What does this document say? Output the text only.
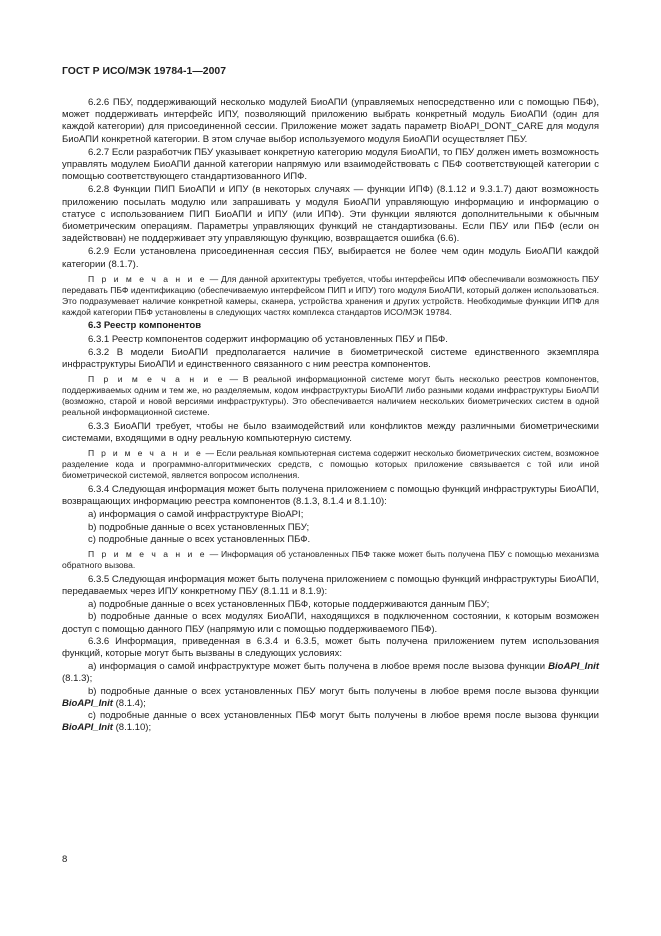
ГОСТ Р ИСО/МЭК 19784-1—2007

6.2.6 ПБУ, поддерживающий несколько модулей БиоАПИ (управляемых непосредственно или с помощью ПБФ), может поддерживать интерфейс ИПУ, позволяющий приложению выбрать конкретный модуль БиоАПИ (один для каждой категории) для присоединенной сессии. Приложение может задать параметр BioAPI_DONT_CARE для модуля БиоАПИ конкретной категории. В этом случае выбор используемого модуля БиоАПИ осуществляет ПБУ.

6.2.7 Если разработчик ПБУ указывает конкретную категорию модуля БиоАПИ, то ПБУ должен иметь возможность управлять модулем БиоАПИ данной категории напрямую или взаимодействовать с ПБФ соответствующей категории с помощью соответствующего стандартизованного ИПФ.

6.2.8 Функции ПИП БиоАПИ и ИПУ (в некоторых случаях — функции ИПФ) (8.1.12 и 9.3.1.7) дают возможность приложению посылать модулю или запрашивать у модуля БиоАПИ управляющую информацию и информацию о статусе с использованием ПИП БиоАПИ и ИПУ (или ИПФ). Эти функции являются дополнительными к обычным биометрическим операциям. Параметры управляющих функций не стандартизованы. Если ПБУ или ПБФ (если он задействован) не поддерживает эту управляющую функцию, возвращается ошибка (6.6).

6.2.9 Если установлена присоединенная сессия ПБУ, выбирается не более чем один модуль БиоАПИ каждой категории (8.1.7).

П р и м е ч а н и е — Для данной архитектуры требуется, чтобы интерфейсы ИПФ обеспечивали возможность ПБУ передавать ПБФ идентификацию (обеспечиваемую интерфейсом ПИП и ИПУ) того модуля БиоАПИ, который должен использоваться. Это подразумевает наличие конкретной камеры, сканера, устройства хранения и других устройств. Необходимые функции ИПФ для каждой категории ПБФ установлены в следующих частях комплекса стандартов ИСО/МЭК 19784.

6.3 Реестр компонентов

6.3.1 Реестр компонентов содержит информацию об установленных ПБУ и ПБФ.

6.3.2 В модели БиоАПИ предполагается наличие в биометрической системе единственного экземпляра инфраструктуры БиоАПИ и единственного связанного с ним реестра компонентов.

П р и м е ч а н и е — В реальной информационной системе могут быть несколько реестров компонентов, поддерживаемых одним и тем же, но разделяемым, кодом инфраструктуры БиоАПИ либо разными кодами инфраструктуры БиоАПИ (возможно, старой и новой версиями инфраструктуры). Это обеспечивается наличием нескольких биометрических систем в одной реальной информационной системе.

6.3.3 БиоАПИ требует, чтобы не было взаимодействий или конфликтов между различными биометрическими системами, входящими в одну реальную компьютерную систему.

П р и м е ч а н и е — Если реальная компьютерная система содержит несколько биометрических систем, возможное разделение кода и программно-алгоритмических средств, с помощью которых приложение связывается с той или иной биометрической системой, является вопросом исполнения.

6.3.4 Следующая информация может быть получена приложением с помощью функций инфраструктуры БиоАПИ, возвращающих информацию реестра компонентов (8.1.3, 8.1.4 и 8.1.10):

a) информация о самой инфраструктуре BioAPI;

b) подробные данные о всех установленных ПБУ;

c) подробные данные о всех установленных ПБФ.

П р и м е ч а н и е — Информация об установленных ПБФ также может быть получена ПБУ с помощью механизма обратного вызова.

6.3.5 Следующая информация может быть получена приложением с помощью функций инфраструктуры БиоАПИ, передаваемых через ИПУ конкретному ПБУ (8.1.11 и 8.1.9):

a) подробные данные о всех установленных ПБФ, которые поддерживаются данным ПБУ;

b) подробные данные о всех модулях БиоАПИ, находящихся в подключенном состоянии, к которым возможен доступ с помощью данного ПБУ (напрямую или с помощью поддерживаемого ПБФ).

6.3.6 Информация, приведенная в 6.3.4 и 6.3.5, может быть получена приложением путем использования функций, которые могут быть вызваны в следующих условиях:

a) информация о самой инфраструктуре может быть получена в любое время после вызова функции BioAPI_Init (8.1.3);

b) подробные данные о всех установленных ПБУ могут быть получены в любое время после вызова функции BioAPI_Init (8.1.4);

c) подробные данные о всех установленных ПБФ могут быть получены в любое время после вызова функции BioAPI_Init (8.1.10);

8
